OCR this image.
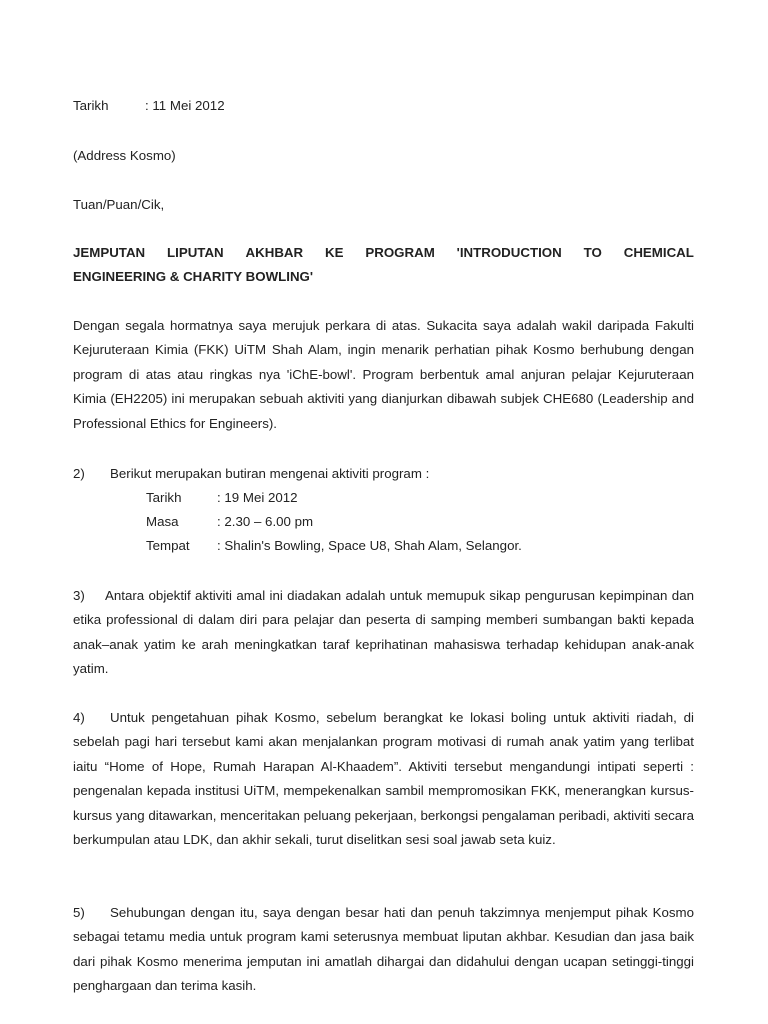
Tarikh	: 11 Mei 2012
(Address Kosmo)
Tuan/Puan/Cik,
JEMPUTAN LIPUTAN AKHBAR KE PROGRAM 'INTRODUCTION TO CHEMICAL
ENGINEERING & CHARITY BOWLING'
Dengan segala hormatnya saya merujuk perkara di atas. Sukacita saya adalah wakil daripada Fakulti Kejuruteraan Kimia (FKK) UiTM Shah Alam, ingin menarik perhatian pihak Kosmo berhubung dengan program di atas atau ringkas nya 'iChE-bowl'. Program berbentuk amal anjuran pelajar Kejuruteraan Kimia (EH2205) ini merupakan sebuah aktiviti yang dianjurkan dibawah subjek CHE680 (Leadership and Professional Ethics for Engineers).
2) Berikut merupakan butiran mengenai aktiviti program :
Tarikh	: 19 Mei 2012
Masa	: 2.30 – 6.00 pm
Tempat : Shalin's Bowling, Space U8, Shah Alam, Selangor.
3) Antara objektif aktiviti amal ini diadakan adalah untuk memupuk sikap pengurusan kepimpinan dan etika professional di dalam diri para pelajar dan peserta di samping memberi sumbangan bakti kepada anak–anak yatim ke arah meningkatkan taraf keprihatinan mahasiswa terhadap kehidupan anak-anak yatim.
4) Untuk pengetahuan pihak Kosmo, sebelum berangkat ke lokasi boling untuk aktiviti riadah, di sebelah pagi hari tersebut kami akan menjalankan program motivasi di rumah anak yatim yang terlibat iaitu “Home of Hope, Rumah Harapan Al-Khaadem”. Aktiviti tersebut mengandungi intipati seperti : pengenalan kepada institusi UiTM, mempekenalkan sambil mempromosikan FKK, menerangkan kursus-kursus yang ditawarkan, menceritakan peluang pekerjaan, berkongsi pengalaman peribadi, aktiviti secara berkumpulan atau LDK, dan akhir sekali, turut diselitkan sesi soal jawab seta kuiz.
5) Sehubungan dengan itu, saya dengan besar hati dan penuh takzimnya menjemput pihak Kosmo sebagai tetamu media untuk program kami seterusnya membuat liputan akhbar. Kesudian dan jasa baik dari pihak Kosmo menerima jemputan ini amatlah dihargai dan didahului dengan ucapan setinggi-tinggi penghargaan dan terima kasih.
